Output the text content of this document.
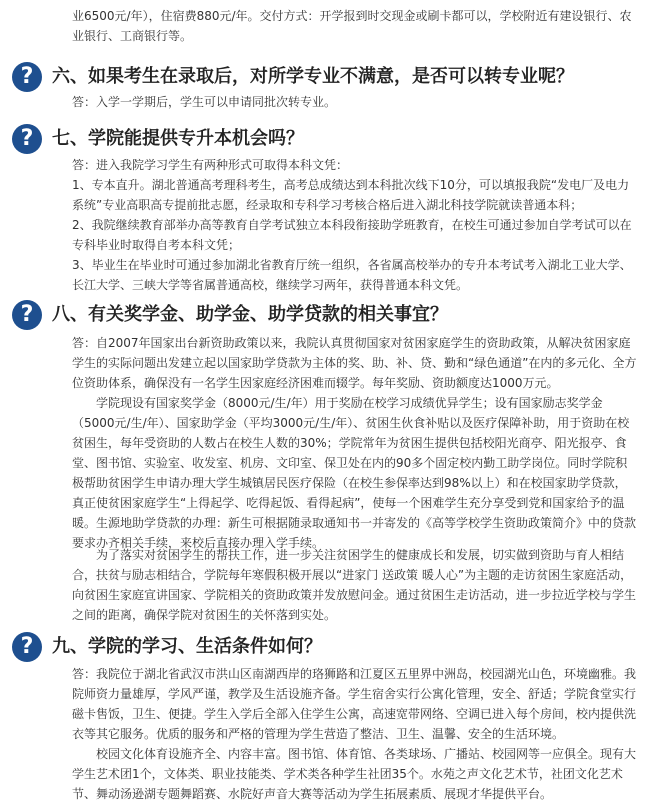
业6500元/年），住宿费880元/年。交付方式：开学报到时交现金或刷卡都可以，学校附近有建设银行、农业银行、工商银行等。

?	六、如果考生在录取后，对所学专业不满意，是否可以转专业呢？

答：入学一学期后，学生可以申请同批次转专业。

?	七、学院能提供专升本机会吗？

答：进入我院学习学生有两种形式可取得本科文凭：

1、专本直升。湖北普通高考理科考生，高考总成绩达到本科批次线下10分，可以填报我院“发电厂及电力系统”专业高职高专提前批志愿，经录取和专科学习考核合格后进入湖北科技学院就读普通本科；

2、我院继续教育部举办高等教育自学考试独立本科段衔接助学班教育，在校生可通过参加自学考试可以在专科毕业时取得自考本科文凭；

3、毕业生在毕业时可通过参加湖北省教育厅统一组织，各省属高校举办的专升本考试考入湖北工业大学、长江大学、三峡大学等省属普通高校，继续学习两年，获得普通本科文凭。

?	八、有关奖学金、助学金、助学贷款的相关事宜？

答：自2007年国家出台新资助政策以来，我院认真贯彻国家对贫困家庭学生的资助政策，从解决贫困家庭学生的实际问题出发建立起以国家助学贷款为主体的奖、助、补、贷、勤和“绿色通道”在内的多元化、全方位资助体系，确保没有一名学生因家庭经济困难而辍学。每年奖励、资助额度达1000万元。

学院现设有国家奖学金（8000元/生/年）用于奖励在校学习成绩优异学生；设有国家励志奖学金（5000元/生/年）、国家助学金（平均3000元/生/年）、贫困生伙食补贴以及医疗保障补助，用于资助在校贫困生，每年受资助的人数占在校生人数的30%；学院常年为贫困生提供包括校阳光商亭、阳光报亭、食堂、图书馆、实验室、收发室、机房、文印室、保卫处在内的90多个固定校内勤工助学岗位。同时学院积极帮助贫困学生申请办理大学生城镇居民医疗保险（在校生参保率达到98%以上）和在校国家助学贷款，真正使贫困家庭学生“上得起学、吃得起饭、看得起病”，使每一个困难学生充分享受到党和国家给予的温暖。生源地助学贷款的办理：新生可根据随录取通知书一并寄发的《高等学校学生资助政策简介》中的贷款要求办齐相关手续，来校后直接办理入学手续。

为了落实对贫困学生的帮扶工作，进一步关注贫困学生的健康成长和发展，切实做到资助与育人相结合，扶贫与励志相结合，学院每年寒假积极开展以“进家门 送政策 暖人心”为主题的走访贫困生家庭活动，向贫困生家庭宣讲国家、学院相关的资助政策并发放慰问金。通过贫困生走访活动，进一步拉近学校与学生之间的距离，确保学院对贫困生的关怀落到实处。

?	九、学院的学习、生活条件如何？

答：我院位于湖北省武汉市洪山区南湖西岸的珞狮路和江夏区五里界中洲岛，校园湖光山色，环境幽雅。我院师资力量雄厚，学风严谨，教学及生活设施齐备。学生宿舍实行公寓化管理，安全、舒适；学院食堂实行磁卡售饭，卫生、便捷。学生入学后全部入住学生公寓，高速宽带网络、空调已进入每个房间，校内提供洗衣等其它服务。优质的服务和严格的管理为学生营造了整洁、卫生、温馨、安全的生活环境。

校园文化体育设施齐全、内容丰富。图书馆、体育馆、各类球场、广播站、校园网等一应俱全。现有大学生艺术团1个，文体类、职业技能类、学术类各种学生社团35个。水苑之声文化艺术节，社团文化艺术节、舞动汤逊湖专题舞蹈赛、水院好声音大赛等活动为学生拓展素质、展现才华提供平台。
